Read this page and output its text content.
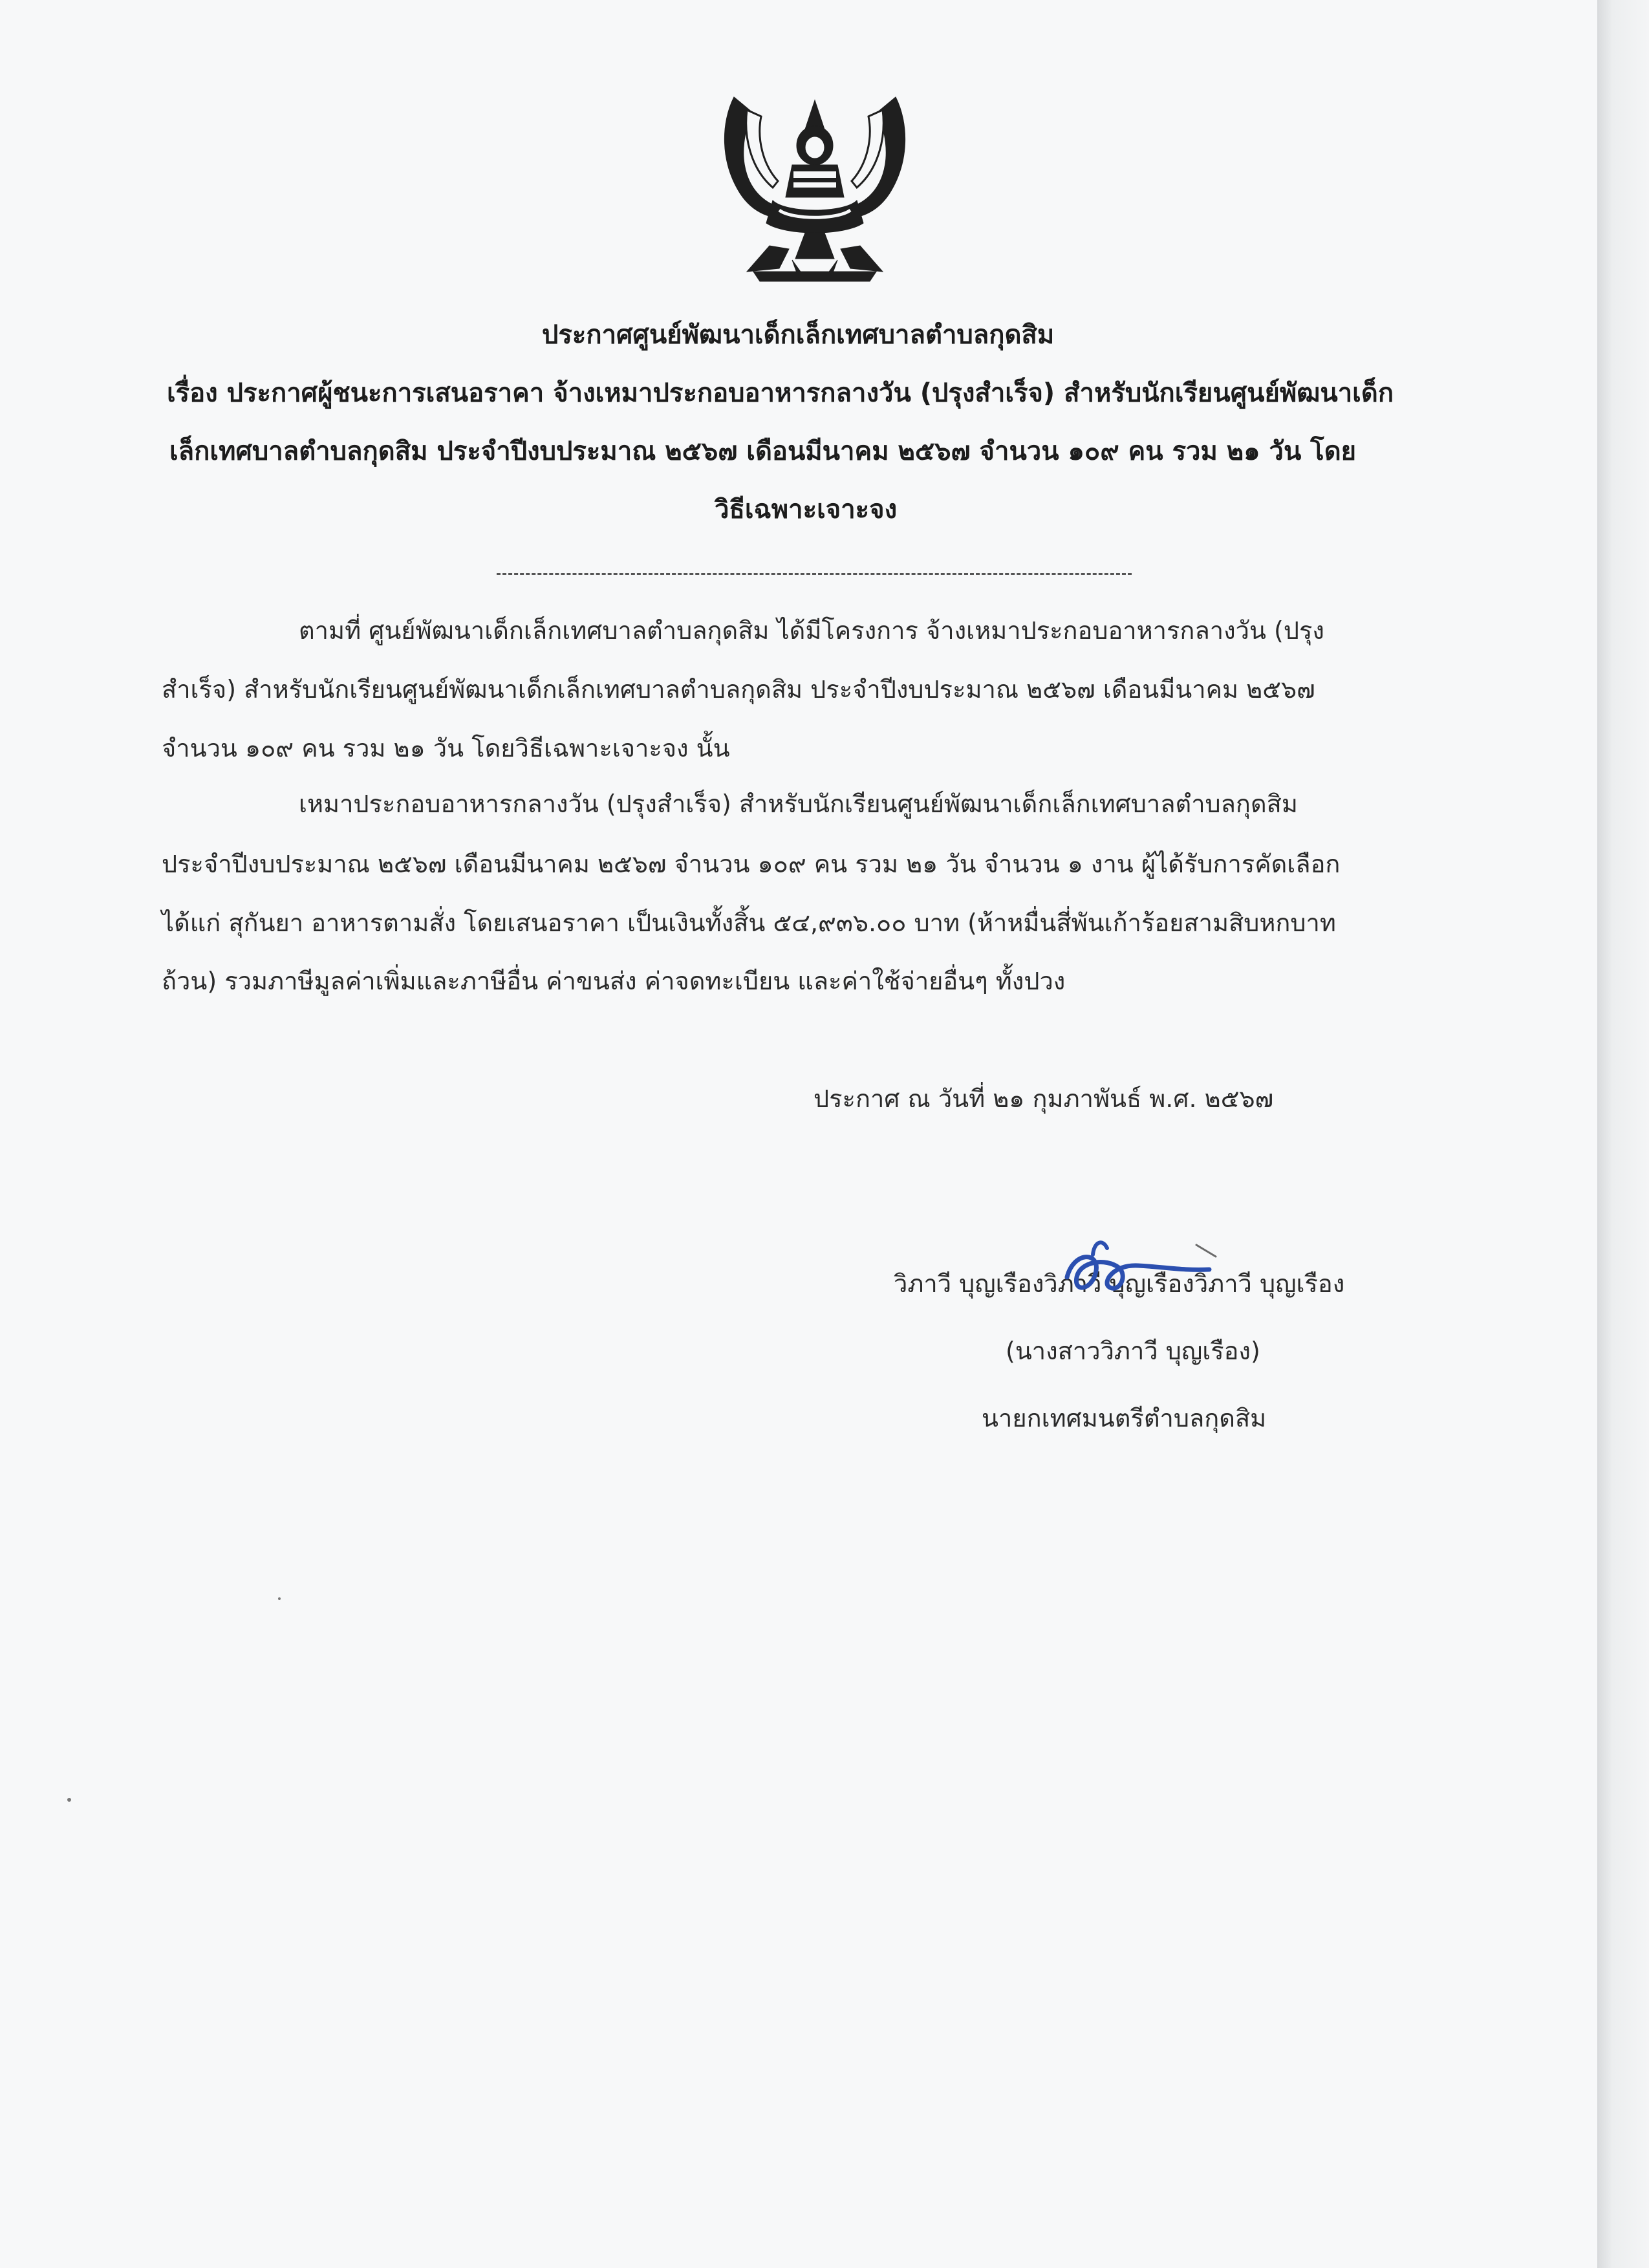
ประกาศศูนย์พัฒนาเด็กเล็กเทศบาลตำบลกุดสิม
เรื่อง ประกาศผู้ชนะการเสนอราคา จ้างเหมาประกอบอาหารกลางวัน (ปรุงสำเร็จ) สำหรับนักเรียนศูนย์พัฒนาเด็ก
เล็กเทศบาลตำบลกุดสิม ประจำปีงบประมาณ ๒๕๖๗ เดือนมีนาคม ๒๕๖๗ จำนวน ๑๐๙ คน รวม ๒๑ วัน โดย
วิธีเฉพาะเจาะจง
ตามที่ ศูนย์พัฒนาเด็กเล็กเทศบาลตำบลกุดสิม ได้มีโครงการ จ้างเหมาประกอบอาหารกลางวัน (ปรุง
สำเร็จ) สำหรับนักเรียนศูนย์พัฒนาเด็กเล็กเทศบาลตำบลกุดสิม ประจำปีงบประมาณ ๒๕๖๗ เดือนมีนาคม ๒๕๖๗
จำนวน ๑๐๙ คน รวม ๒๑ วัน โดยวิธีเฉพาะเจาะจง นั้น
เหมาประกอบอาหารกลางวัน (ปรุงสำเร็จ) สำหรับนักเรียนศูนย์พัฒนาเด็กเล็กเทศบาลตำบลกุดสิม
ประจำปีงบประมาณ ๒๕๖๗ เดือนมีนาคม ๒๕๖๗ จำนวน ๑๐๙ คน รวม ๒๑ วัน จำนวน ๑ งาน ผู้ได้รับการคัดเลือก
ได้แก่ สุกันยา อาหารตามสั่ง โดยเสนอราคา เป็นเงินทั้งสิ้น ๕๔,๙๓๖.๐๐ บาท (ห้าหมื่นสี่พันเก้าร้อยสามสิบหกบาท
ถ้วน) รวมภาษีมูลค่าเพิ่มและภาษีอื่น ค่าขนส่ง ค่าจดทะเบียน และค่าใช้จ่ายอื่นๆ ทั้งปวง
ประกาศ ณ วันที่ ๒๑ กุมภาพันธ์ พ.ศ. ๒๕๖๗
วิภาวี บุญเรืองวิภาวี บุญเรืองวิภาวี บุญเรือง
(นางสาววิภาวี บุญเรือง)
นายกเทศมนตรีตำบลกุดสิม
